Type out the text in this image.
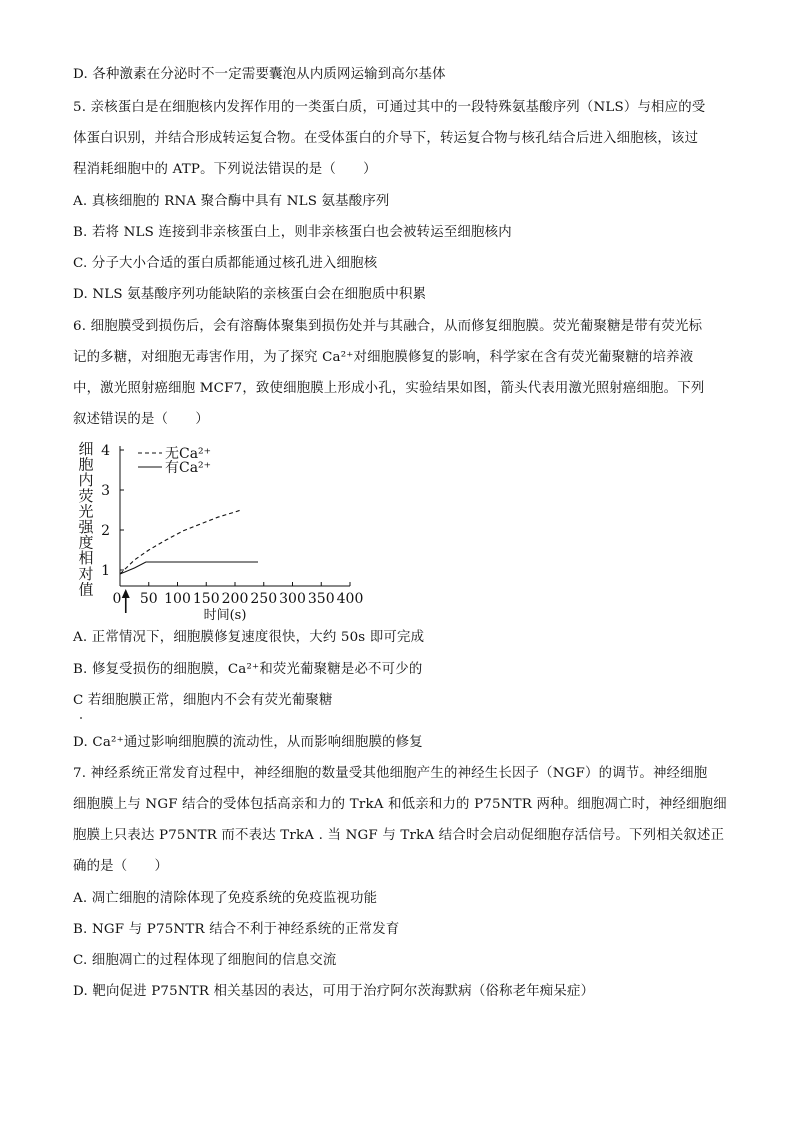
D. 各种激素在分泌时不一定需要囊泡从内质网运输到高尔基体
5. 亲核蛋白是在细胞核内发挥作用的一类蛋白质，可通过其中的一段特殊氨基酸序列（NLS）与相应的受
体蛋白识别，并结合形成转运复合物。在受体蛋白的介导下，转运复合物与核孔结合后进入细胞核，该过
程消耗细胞中的 ATP。下列说法错误的是（　　）
A. 真核细胞的 RNA 聚合酶中具有 NLS 氨基酸序列
B. 若将 NLS 连接到非亲核蛋白上，则非亲核蛋白也会被转运至细胞核内
C. 分子大小合适的蛋白质都能通过核孔进入细胞核
D. NLS 氨基酸序列功能缺陷的亲核蛋白会在细胞质中积累
6. 细胞膜受到损伤后，会有溶酶体聚集到损伤处并与其融合，从而修复细胞膜。荧光葡聚糖是带有荧光标
记的多糖，对细胞无毒害作用，为了探究 Ca²⁺对细胞膜修复的影响，科学家在含有荧光葡聚糖的培养液
中，激光照射癌细胞 MCF7，致使细胞膜上形成小孔，实验结果如图，箭头代表用激光照射癌细胞。下列
叙述错误的是（　　）
细
胞
内
荧
光
强
度
相
对
值
1
2
3
4
0 50 100 150 200 250 300 350 400
无Ca²⁺
有Ca²⁺
时间(s)
A. 正常情况下，细胞膜修复速度很快，大约 50s 即可完成
B. 修复受损伤的细胞膜，Ca²⁺和荧光葡聚糖是必不可少的
C 若细胞膜正常，细胞内不会有荧光葡聚糖
D. Ca²⁺通过影响细胞膜的流动性，从而影响细胞膜的修复
7. 神经系统正常发育过程中，神经细胞的数量受其他细胞产生的神经生长因子（NGF）的调节。神经细胞
细胞膜上与 NGF 结合的受体包括高亲和力的 TrkA 和低亲和力的 P75NTR 两种。细胞凋亡时，神经细胞细
胞膜上只表达 P75NTR 而不表达 TrkA . 当 NGF 与 TrkA 结合时会启动促细胞存活信号。下列相关叙述正
确的是（　　）
A. 凋亡细胞的清除体现了免疫系统的免疫监视功能
B. NGF 与 P75NTR 结合不利于神经系统的正常发育
C. 细胞凋亡的过程体现了细胞间的信息交流
D. 靶向促进 P75NTR 相关基因的表达，可用于治疗阿尔茨海默病（俗称老年痴呆症）
